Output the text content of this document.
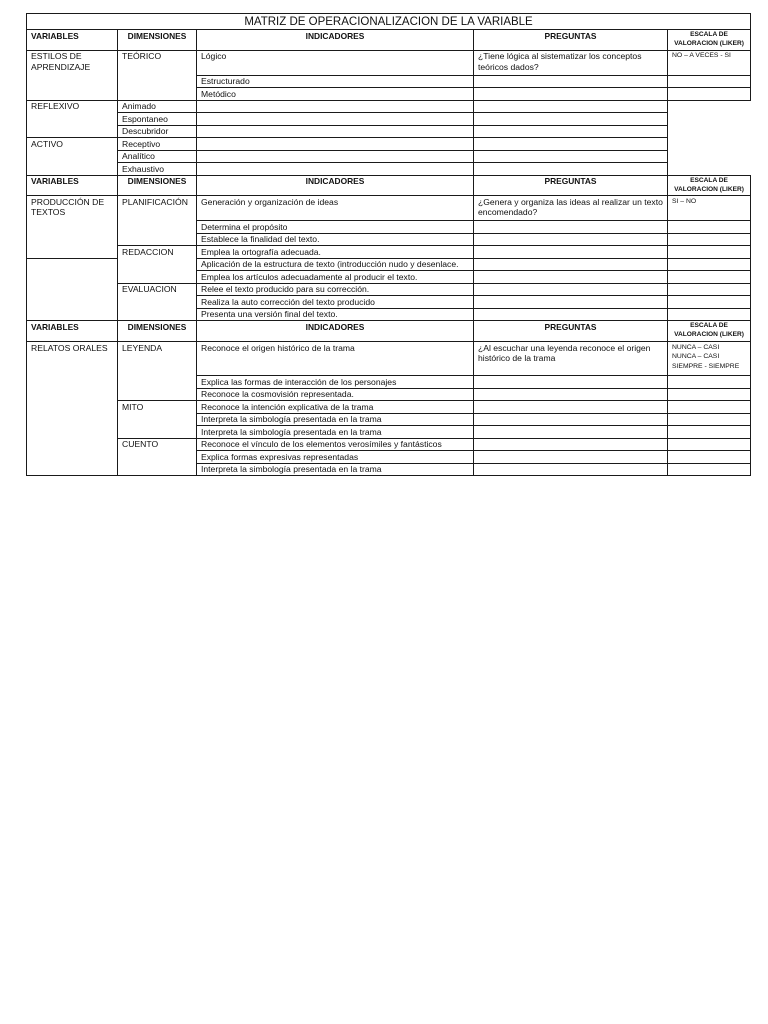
MATRIZ DE OPERACIONALIZACION DE LA VARIABLE				
VARIABLES	DIMENSIONES	INDICADORES	PREGUNTAS	ESCALA DE VALORACION (LIKER)
ESTILOS DE APRENDIZAJE	TEÓRICO	Lógico	¿Tiene lógica al sistematizar los conceptos teóricos dados?	NO – A VECES - SI
		Estructurado		
		Metódico		
REFLEXIVO	Animado			
	Espontaneo			
	Descubridor			
ACTIVO	Receptivo			
	Analítico			
	Exhaustivo			
VARIABLES	DIMENSIONES	INDICADORES	PREGUNTAS	ESCALA DE VALORACION (LIKER)
PRODUCCIÓN DE TEXTOS	PLANIFICACIÓN	Generación y organización de ideas	¿Genera y organiza las ideas al realizar un texto encomendado?	SI – NO
		Determina el propósito		
		Establece la finalidad del texto.		
	REDACCION	Emplea la ortografía adecuada.		
		Aplicación de la estructura de texto (introducción nudo y desenlace.		
		Emplea los artículos adecuadamente al producir el texto.		
	EVALUACION	Relee el texto producido para su corrección.		
		Realiza la auto corrección del texto producido		
		Presenta una versión final del texto.		
VARIABLES	DIMENSIONES	INDICADORES	PREGUNTAS	ESCALA DE VALORACION (LIKER)
RELATOS ORALES	LEYENDA	Reconoce el origen histórico de la trama	¿Al escuchar una leyenda reconoce el origen histórico de la trama	NUNCA – CASI
NUNCA – CASI
SIEMPRE - SIEMPRE

		Explica las formas de interacción de los personajes		
		Reconoce la cosmovisión representada.		
	MITO	Reconoce la intención explicativa de la trama		
		Interpreta la simbología presentada en la trama		
		Interpreta la simbología presentada en la trama		
	CUENTO	Reconoce el vínculo de los elementos verosímiles y fantásticos		
		Explica formas expresivas representadas		
		Interpreta la simbología presentada en la trama		
